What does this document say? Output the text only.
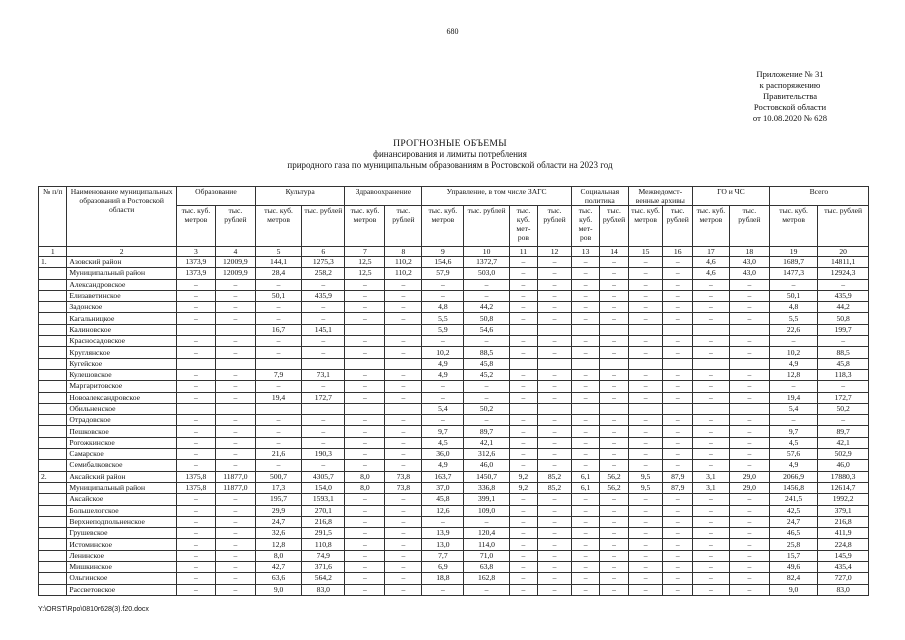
680
Приложение № 31
к распоряжению
Правительства
Ростовской области
от 10.08.2020 № 628
ПРОГНОЗНЫЕ ОБЪЕМЫ
финансирования и лимиты потребления
природного газа по муниципальным образованиям в Ростовской области на 2023 год
№ п/п	Наименование муниципальных образований в Ростовской области	Образование		Культура		Здравоохранение		Управление, в том числе ЗАГС				Социальная политика		Межведомст-венные архивы		ГО и ЧС		Всего	
		тыс. куб. метров	тыс. рублей	тыс. куб. метров	тыс. рублей	тыс. куб. метров	тыс. рублей	тыс. куб. метров	тыс. рублей	тыс. куб. мет-ров	тыс. рублей	тыс. куб. мет-ров	тыс. рублей	тыс. куб. метров	тыс. рублей	тыс. куб. метров	тыс. рублей	тыс. куб. метров	тыс. рублей
1	2	3	4	5	6	7	8	9	10	11	12	13	14	15	16	17	18	19	20
1.	Азовский район	1373,9	12009,9	144,1	1275,3	12,5	110,2	154,6	1372,7	–	–	–	–	–	–	4,6	43,0	1689,7	14811,1
	Муниципальный район	1373,9	12009,9	28,4	258,2	12,5	110,2	57,9	503,0	–	–	–	–	–	–	4,6	43,0	1477,3	12924,3
	Александровское	–	–	–	–	–	–	–	–	–	–	–	–	–	–	–	–	–	–
	Елизаветинское	–	–	50,1	435,9	–	–	–	–	–	–	–	–	–	–	–	–	50,1	435,9
	Задонское	–	–	–	–	–	–	4,8	44,2	–	–	–	–	–	–	–	–	4,8	44,2
	Кагальницкое	–	–	–	–	–	–	5,5	50,8	–	–	–	–	–	–	–	–	5,5	50,8
	Калиновское			16,7	145,1			5,9	54,6									22,6	199,7
	Красносадовское	–	–	–	–	–	–	–	–	–	–	–	–	–	–	–	–	–	–
	Круглянское	–	–	–	–	–	–	10,2	88,5	–	–	–	–	–	–	–	–	10,2	88,5
	Кугейское							4,9	45,8									4,9	45,8
	Кулешовское	–	–	7,9	73,1	–	–	4,9	45,2	–	–	–	–	–	–	–	–	12,8	118,3
	Маргаритовское	–	–	–	–	–	–	–	–	–	–	–	–	–	–	–	–	–	–
	Новоалександровское	–	–	19,4	172,7	–	–	–	–	–	–	–	–	–	–	–	–	19,4	172,7
	Обильненское							5,4	50,2									5,4	50,2
	Отрадовское	–	–	–	–	–	–	–	–	–	–	–	–	–	–	–	–	–	–
	Пешковское	–	–	–	–	–	–	9,7	89,7	–	–	–	–	–	–	–	–	9,7	89,7
	Рогожкинское	–	–	–	–	–	–	4,5	42,1	–	–	–	–	–	–	–	–	4,5	42,1
	Самарское	–	–	21,6	190,3	–	–	36,0	312,6	–	–	–	–	–	–	–	–	57,6	502,9
	Семибалковское	–	–	–	–	–	–	4,9	46,0	–	–	–	–	–	–	–	–	4,9	46,0
2.	Аксайский район	1375,8	11877,0	500,7	4305,7	8,0	73,8	163,7	1450,7	9,2	85,2	6,1	56,2	9,5	87,9	3,1	29,0	2066,9	17880,3
	Муниципальный район	1375,8	11877,0	17,3	154,0	8,0	73,8	37,0	336,8	9,2	85,2	6,1	56,2	9,5	87,9	3,1	29,0	1456,8	12614,7
	Аксайское	–	–	195,7	1593,1	–	–	45,8	399,1	–	–	–	–	–	–	–	–	241,5	1992,2
	Большелогское	–	–	29,9	270,1	–	–	12,6	109,0	–	–	–	–	–	–	–	–	42,5	379,1
	Верхнеподпольненское	–	–	24,7	216,8	–	–	–	–	–	–	–	–	–	–	–	–	24,7	216,8
	Грушевское	–	–	32,6	291,5	–	–	13,9	120,4	–	–	–	–	–	–	–	–	46,5	411,9
	Истоминское	–	–	12,8	110,8	–	–	13,0	114,0	–	–	–	–	–	–	–	–	25,8	224,8
	Ленинское	–	–	8,0	74,9	–	–	7,7	71,0	–	–	–	–	–	–	–	–	15,7	145,9
	Мишкинское	–	–	42,7	371,6	–	–	6,9	63,8	–	–	–	–	–	–	–	–	49,6	435,4
	Ольгинское	–	–	63,6	564,2	–	–	18,8	162,8	–	–	–	–	–	–	–	–	82,4	727,0
	Рассветовское	–	–	9,0	83,0	–	–	–	–	–	–	–	–	–	–	–	–	9,0	83,0
Y:\ORST\Rpo\0810r628(3).f20.docx
